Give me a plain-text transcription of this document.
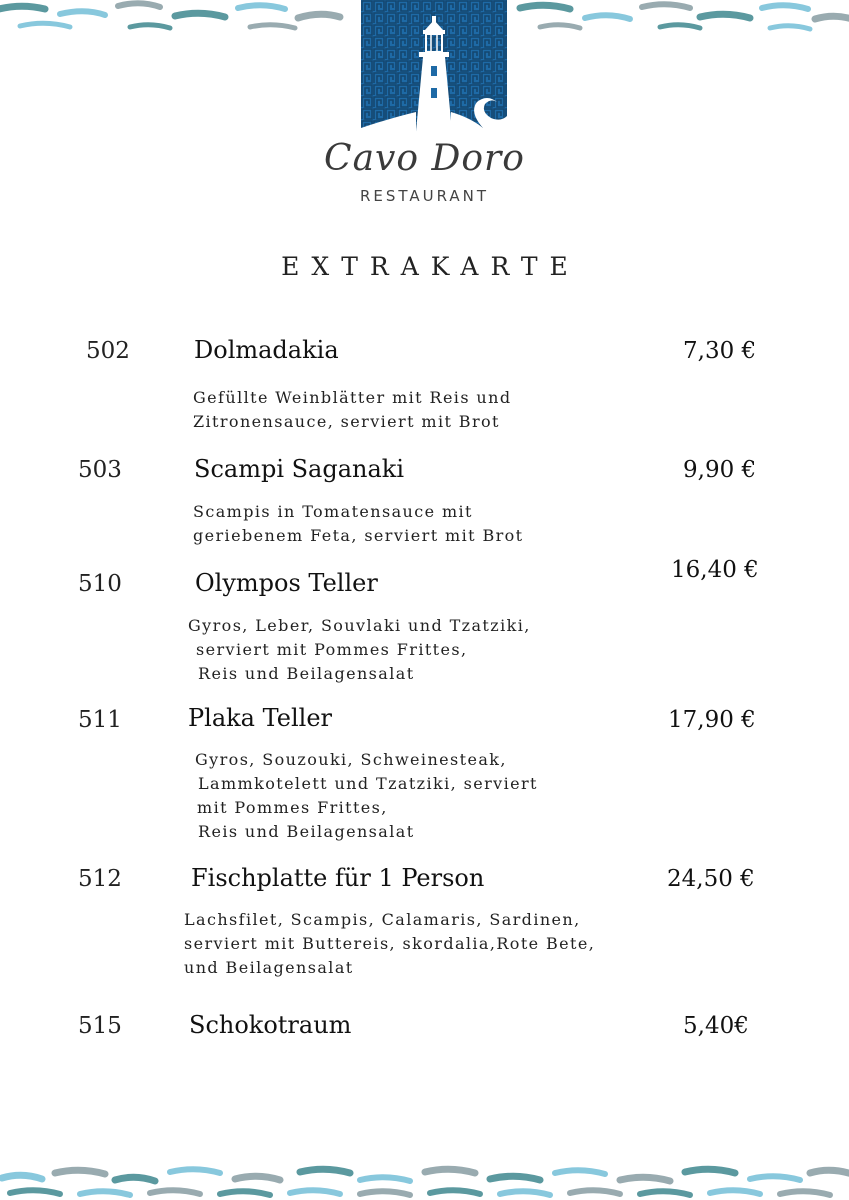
Cavo Doro
RESTAURANT
EXTRAKARTE
502	Dolmadakia	7,30 €
Gefüllte Weinblätter mit Reis und
Zitronensauce, serviert mit Brot
503	Scampi Saganaki	9,90 €
Scampis in Tomatensauce mit
geriebenem Feta, serviert mit Brot
510	Olympos Teller	16,40 €
Gyros, Leber, Souvlaki und Tzatziki,
serviert mit Pommes Frittes,
Reis und Beilagensalat
511	Plaka Teller	17,90 €
Gyros, Souzouki, Schweinesteak,
Lammkotelett und Tzatziki, serviert
mit Pommes Frittes,
Reis und Beilagensalat
512	Fischplatte für 1 Person	24,50 €
Lachsfilet, Scampis, Calamaris, Sardinen,
serviert mit Buttereis, skordalia,Rote Bete,
und Beilagensalat
515	Schokotraum	5,40€
